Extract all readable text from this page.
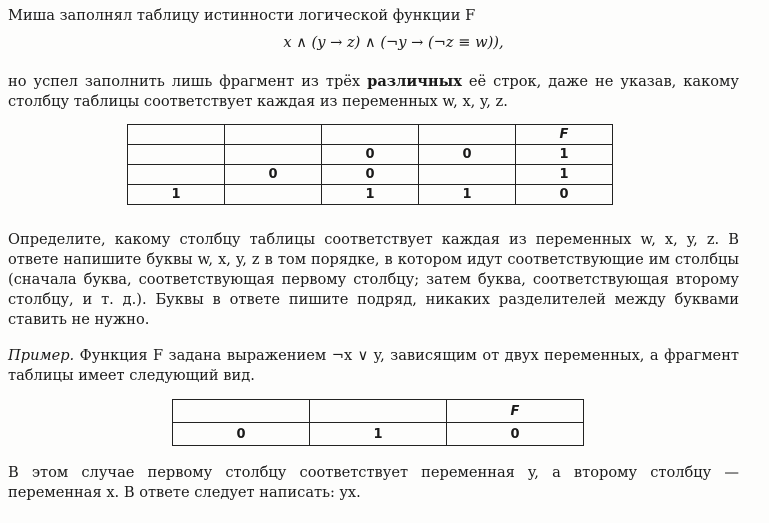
Миша заполнял таблицу истинности логической функции F

x ∧ (y → z) ∧ (¬y → (¬z ≡ w)),

но успел заполнить лишь фрагмент из трёх различных её строк, даже не указав, какому столбцу таблицы соответствует каждая из переменных w, x, y, z.

				F
		0	0	1
	0	0		1
1		1	1	0

Определите, какому столбцу таблицы соответствует каждая из переменных w, x, y, z. В ответе напишите буквы w, x, y, z в том порядке, в котором идут соответствующие им столбцы (сначала буква, соответствующая первому столбцу; затем буква, соответствующая второму столбцу, и т. д.). Буквы в ответе пишите подряд, никаких разделителей между буквами ставить не нужно.

Пример. Функция F задана выражением ¬x ∨ y, зависящим от двух переменных, а фрагмент таблицы имеет следующий вид.

		F
0	1	0

В этом случае первому столбцу соответствует переменная y, а второму столбцу — переменная x. В ответе следует написать: yx.
